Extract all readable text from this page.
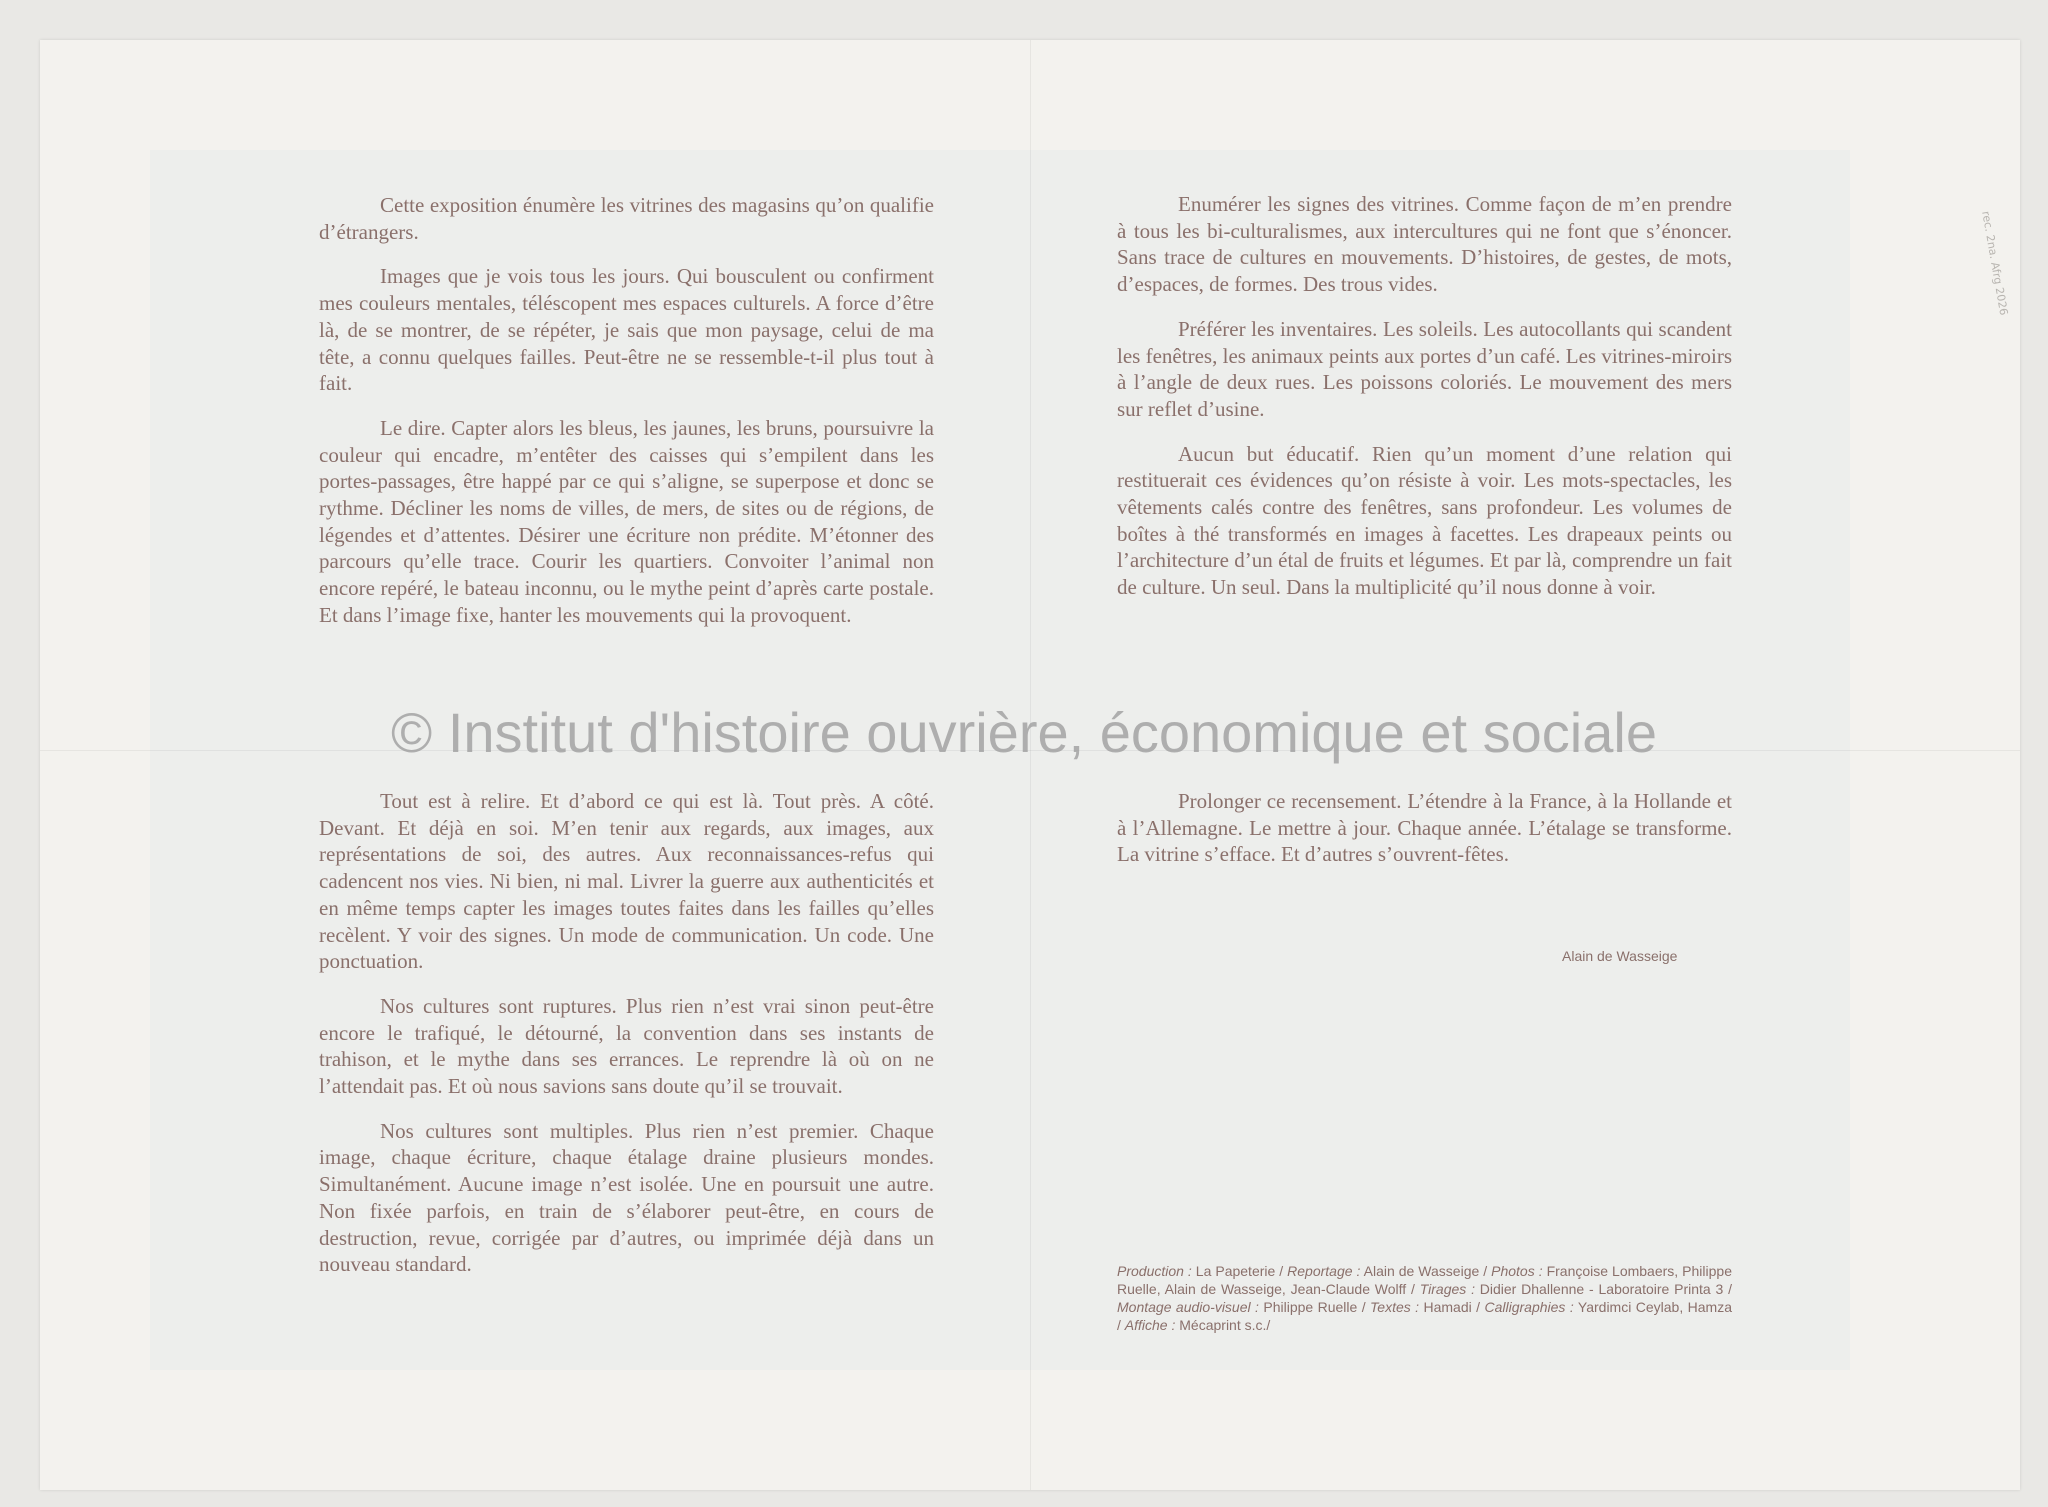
Cette exposition énumère les vitrines des magasins qu’on qualifie d’étrangers.

Images que je vois tous les jours. Qui bousculent ou confirment mes couleurs mentales, téléscopent mes espaces culturels. A force d’être là, de se montrer, de se répéter, je sais que mon paysage, celui de ma tête, a connu quelques failles. Peut-être ne se ressemble-t-il plus tout à fait.

Le dire. Capter alors les bleus, les jaunes, les bruns, poursuivre la couleur qui encadre, m’entêter des caisses qui s’empilent dans les portes-passages, être happé par ce qui s’aligne, se superpose et donc se rythme. Décliner les noms de villes, de mers, de sites ou de régions, de légendes et d’attentes. Désirer une écriture non prédite. M’étonner des parcours qu’elle trace. Courir les quartiers. Convoiter l’animal non encore repéré, le bateau inconnu, ou le mythe peint d’après carte postale. Et dans l’image fixe, hanter les mouvements qui la provoquent.

Tout est à relire. Et d’abord ce qui est là. Tout près. A côté. Devant. Et déjà en soi. M’en tenir aux regards, aux images, aux représentations de soi, des autres. Aux reconnaissances-refus qui cadencent nos vies. Ni bien, ni mal. Livrer la guerre aux authenticités et en même temps capter les images toutes faites dans les failles qu’elles recèlent. Y voir des signes. Un mode de communication. Un code. Une ponctuation.

Nos cultures sont ruptures. Plus rien n’est vrai sinon peut-être encore le trafiqué, le détourné, la convention dans ses instants de trahison, et le mythe dans ses errances. Le reprendre là où on ne l’attendait pas. Et où nous savions sans doute qu’il se trouvait.

Nos cultures sont multiples. Plus rien n’est premier. Chaque image, chaque écriture, chaque étalage draine plusieurs mondes. Simultanément. Aucune image n’est isolée. Une en poursuit une autre. Non fixée parfois, en train de s’élaborer peut-être, en cours de destruction, revue, corrigée par d’autres, ou imprimée déjà dans un nouveau standard.

Enumérer les signes des vitrines. Comme façon de m’en prendre à tous les bi-culturalismes, aux intercultures qui ne font que s’énoncer. Sans trace de cultures en mouvements. D’histoires, de gestes, de mots, d’espaces, de formes. Des trous vides.

Préférer les inventaires. Les soleils. Les autocollants qui scandent les fenêtres, les animaux peints aux portes d’un café. Les vitrines-miroirs à l’angle de deux rues. Les poissons coloriés. Le mouvement des mers sur reflet d’usine.

Aucun but éducatif. Rien qu’un moment d’une relation qui restituerait ces évidences qu’on résiste à voir. Les mots-spectacles, les vêtements calés contre des fenêtres, sans profondeur. Les volumes de boîtes à thé transformés en images à facettes. Les drapeaux peints ou l’architecture d’un étal de fruits et légumes. Et par là, comprendre un fait de culture. Un seul. Dans la multiplicité qu’il nous donne à voir.

Prolonger ce recensement. L’étendre à la France, à la Hollande et à l’Allemagne. Le mettre à jour. Chaque année. L’étalage se transforme. La vitrine s’efface. Et d’autres s’ouvrent-fêtes.

Alain de Wasseige
Production : La Papeterie / Reportage : Alain de Wasseige / Photos : Françoise Lombaers, Philippe Ruelle, Alain de Wasseige, Jean-Claude Wolff / Tirages : Didier Dhallenne - Laboratoire Printa 3 / Montage audio-visuel : Philippe Ruelle / Textes : Hamadi / Calligraphies : Yardimci Ceylab, Hamza / Affiche : Mécaprint s.c./
rec. 2na. Afrg 2026
© Institut d'histoire ouvrière, économique et sociale
